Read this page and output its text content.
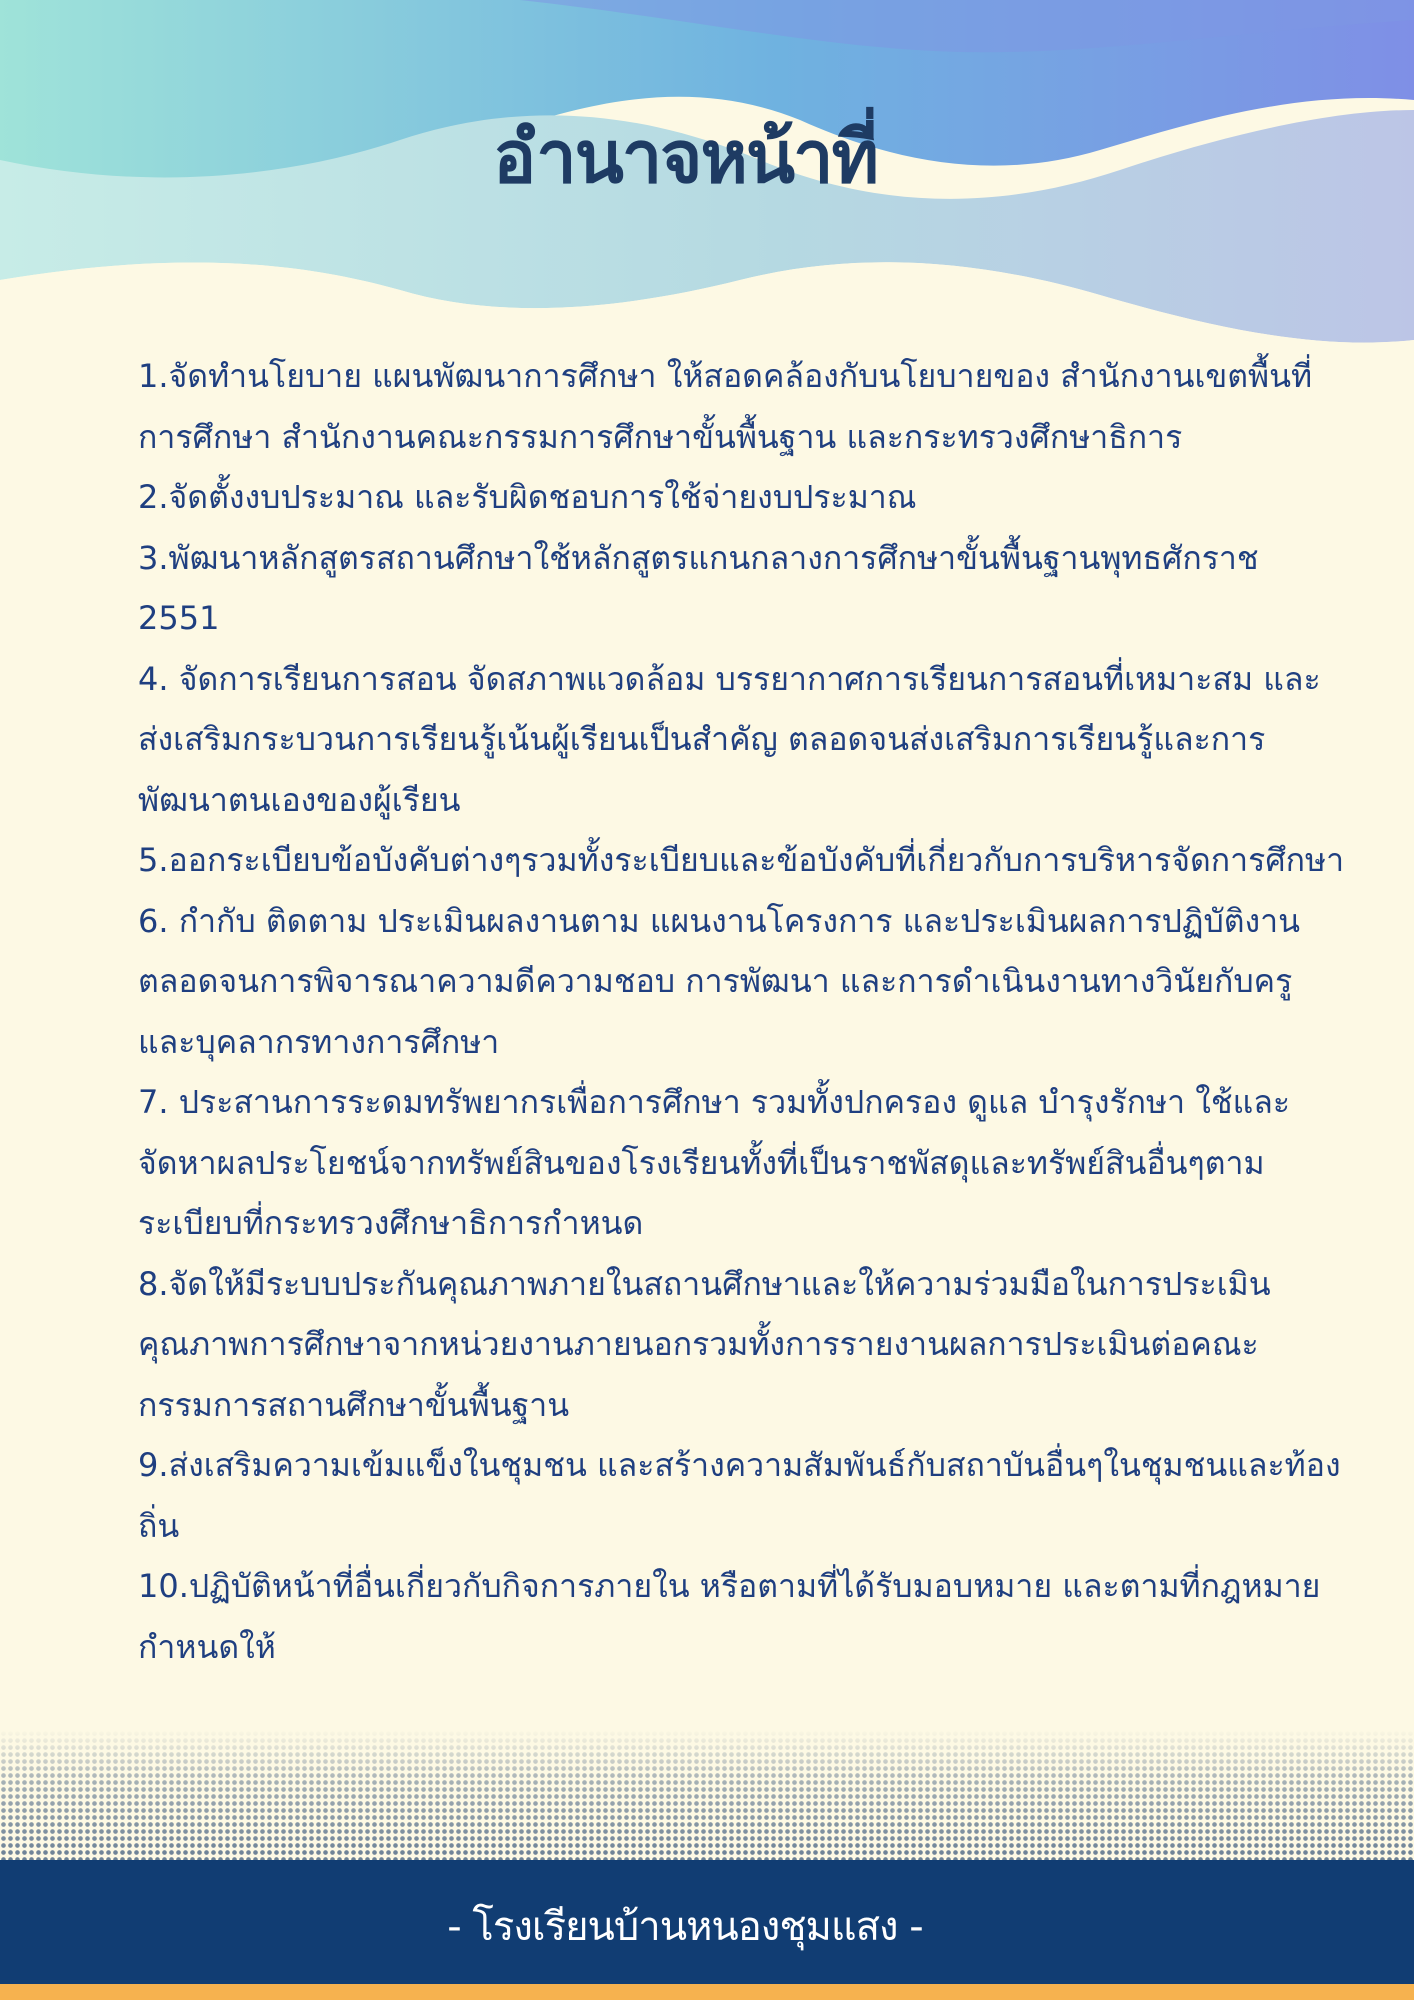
อำนาจหน้าที่

1.จัดทำนโยบาย แผนพัฒนาการศึกษา ให้สอดคล้องกับนโยบายของ สำนักงานเขตพื้นที่การศึกษา สำนักงานคณะกรรมการศึกษาขั้นพื้นฐาน และกระทรวงศึกษาธิการ

2.จัดตั้งงบประมาณ และรับผิดชอบการใช้จ่ายงบประมาณ

3.พัฒนาหลักสูตรสถานศึกษาใช้หลักสูตรแกนกลางการศึกษาขั้นพื้นฐานพุทธศักราช 2551

4. จัดการเรียนการสอน จัดสภาพแวดล้อม บรรยากาศการเรียนการสอนที่เหมาะสม และส่งเสริมกระบวนการเรียนรู้เน้นผู้เรียนเป็นสำคัญ ตลอดจนส่งเสริมการเรียนรู้และการพัฒนาตนเองของผู้เรียน

5.ออกระเบียบข้อบังคับต่างๆรวมทั้งระเบียบและข้อบังคับที่เกี่ยวกับการบริหารจัดการศึกษา

6. กำกับ ติดตาม ประเมินผลงานตาม แผนงานโครงการ และประเมินผลการปฏิบัติงาน ตลอดจนการพิจารณาความดีความชอบ การพัฒนา และการดำเนินงานทางวินัยกับครูและบุคลากรทางการศึกษา

7. ประสานการระดมทรัพยากรเพื่อการศึกษา รวมทั้งปกครอง ดูแล บำรุงรักษา ใช้และจัดหาผลประโยชน์จากทรัพย์สินของโรงเรียนทั้งที่เป็นราชพัสดุและทรัพย์สินอื่นๆตามระเบียบที่กระทรวงศึกษาธิการกำหนด

8.จัดให้มีระบบประกันคุณภาพภายในสถานศึกษาและให้ความร่วมมือในการประเมินคุณภาพการศึกษาจากหน่วยงานภายนอกรวมทั้งการรายงานผลการประเมินต่อคณะกรรมการสถานศึกษาขั้นพื้นฐาน

9.ส่งเสริมความเข้มแข็งในชุมชน และสร้างความสัมพันธ์กับสถาบันอื่นๆในชุมชนและท้องถิ่น

10.ปฏิบัติหน้าที่อื่นเกี่ยวกับกิจการภายใน หรือตามที่ได้รับมอบหมาย และตามที่กฎหมายกำหนดให้

- โรงเรียนบ้านหนองชุมแสง -
